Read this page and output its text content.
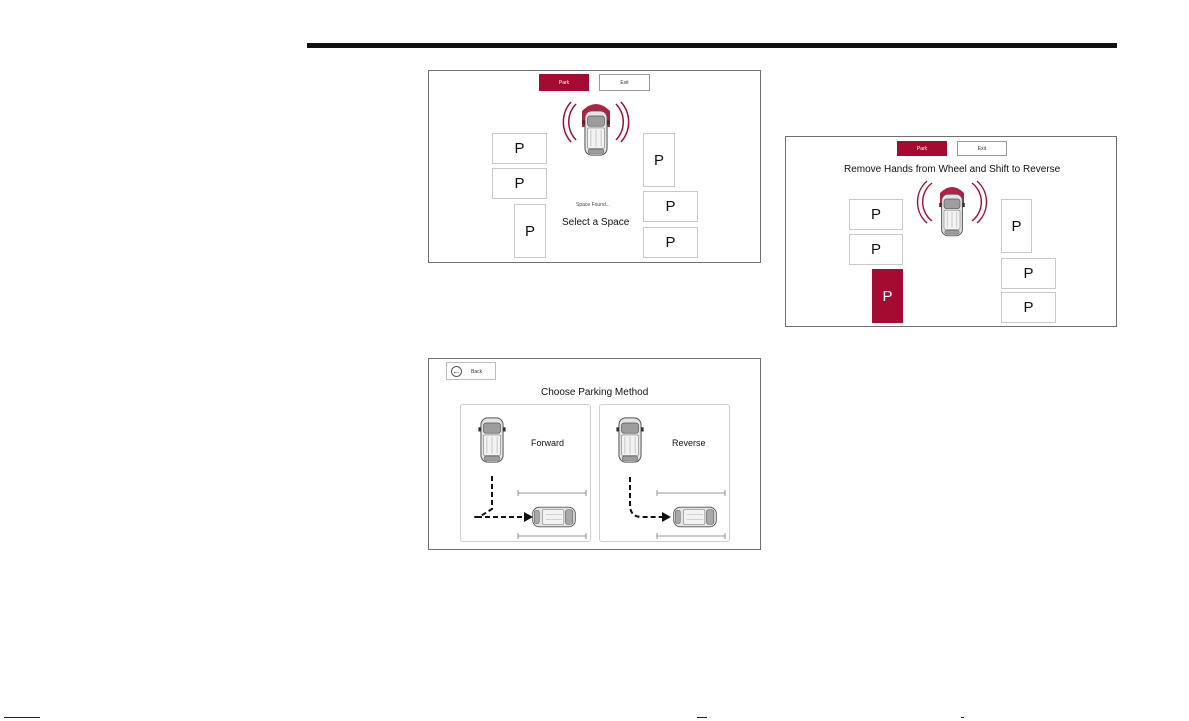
Park	Exit
P
P
P
P
P
P
Space Found...
Select a Space
Park	Exit
Remove Hands from Wheel and Shift to Reverse
P
P
P
P
P
P
←	Back
Choose Parking Method
Forward	Reverse
